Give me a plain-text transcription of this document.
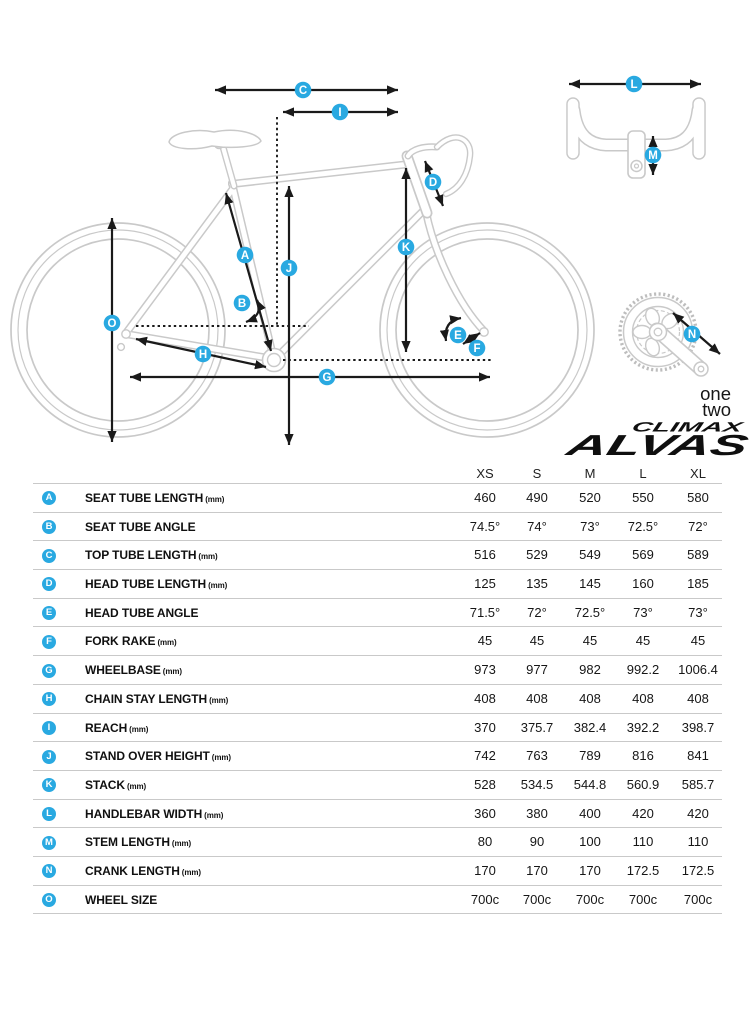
one
two
CLIMAX
ALVAS
A
B
C
D
E
F
G
H
I
J
K
L
M
N
O
XS	S	M	L	XL
A	SEAT TUBE LENGTH (mm)	460	490	520	550	580
B	SEAT TUBE ANGLE	74.5°	74°	73°	72.5°	72°
C	TOP TUBE LENGTH (mm)	516	529	549	569	589
D	HEAD TUBE LENGTH (mm)	125	135	145	160	185
E	HEAD TUBE ANGLE	71.5°	72°	72.5°	73°	73°
F	FORK RAKE (mm)	45	45	45	45	45
G	WHEELBASE (mm)	973	977	982	992.2	1006.4
H	CHAIN STAY LENGTH (mm)	408	408	408	408	408
I	REACH (mm)	370	375.7	382.4	392.2	398.7
J	STAND OVER HEIGHT (mm)	742	763	789	816	841
K	STACK (mm)	528	534.5	544.8	560.9	585.7
L	HANDLEBAR WIDTH (mm)	360	380	400	420	420
M	STEM LENGTH (mm)	80	90	100	110	110
N	CRANK LENGTH (mm)	170	170	170	172.5	172.5
O	WHEEL SIZE	700c	700c	700c	700c	700c
